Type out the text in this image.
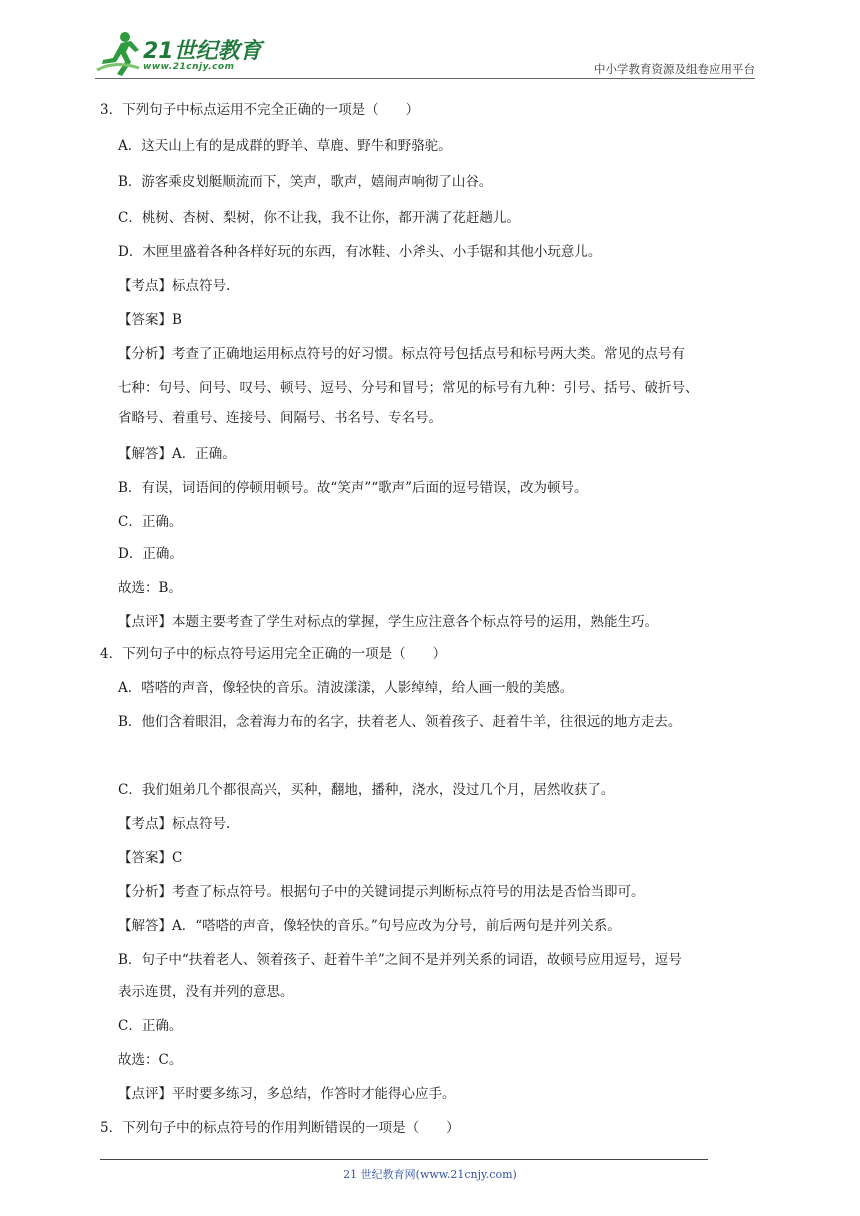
21世纪教育
www.21cnjy.com	中小学教育资源及组卷应用平台
3．下列句子中标点运用不完全正确的一项是（　　）
A．这天山上有的是成群的野羊、草鹿、野牛和野骆驼。
B．游客乘皮划艇顺流而下，笑声，歌声，嬉闹声响彻了山谷。
C．桃树、杏树、梨树，你不让我，我不让你，都开满了花赶趟儿。
D．木匣里盛着各种各样好玩的东西，有冰鞋、小斧头、小手锯和其他小玩意儿。
【考点】标点符号.
【答案】B
【分析】考查了正确地运用标点符号的好习惯。标点符号包括点号和标号两大类。常见的点号有
七种：句号、问号、叹号、顿号、逗号、分号和冒号；常见的标号有九种：引号、括号、破折号、
省略号、着重号、连接号、间隔号、书名号、专名号。
【解答】A．正确。
B．有误，词语间的停顿用顿号。故“笑声”“歌声”后面的逗号错误，改为顿号。
C．正确。
D．正确。
故选：B。
【点评】本题主要考查了学生对标点的掌握，学生应注意各个标点符号的运用，熟能生巧。
4．下列句子中的标点符号运用完全正确的一项是（　　）
A．嗒嗒的声音，像轻快的音乐。清波漾漾，人影绰绰，给人画一般的美感。
B．他们含着眼泪，念着海力布的名字，扶着老人、领着孩子、赶着牛羊，往很远的地方走去。
C．我们姐弟几个都很高兴，买种，翻地，播种，浇水，没过几个月，居然收获了。
【考点】标点符号.
【答案】C
【分析】考查了标点符号。根据句子中的关键词提示判断标点符号的用法是否恰当即可。
【解答】A．“嗒嗒的声音，像轻快的音乐。”句号应改为分号，前后两句是并列关系。
B．句子中“扶着老人、领着孩子、赶着牛羊”之间不是并列关系的词语，故顿号应用逗号，逗号
表示连贯，没有并列的意思。
C．正确。
故选：C。
【点评】平时要多练习，多总结，作答时才能得心应手。
5．下列句子中的标点符号的作用判断错误的一项是（　　）
21 世纪教育网(www.21cnjy.com)
